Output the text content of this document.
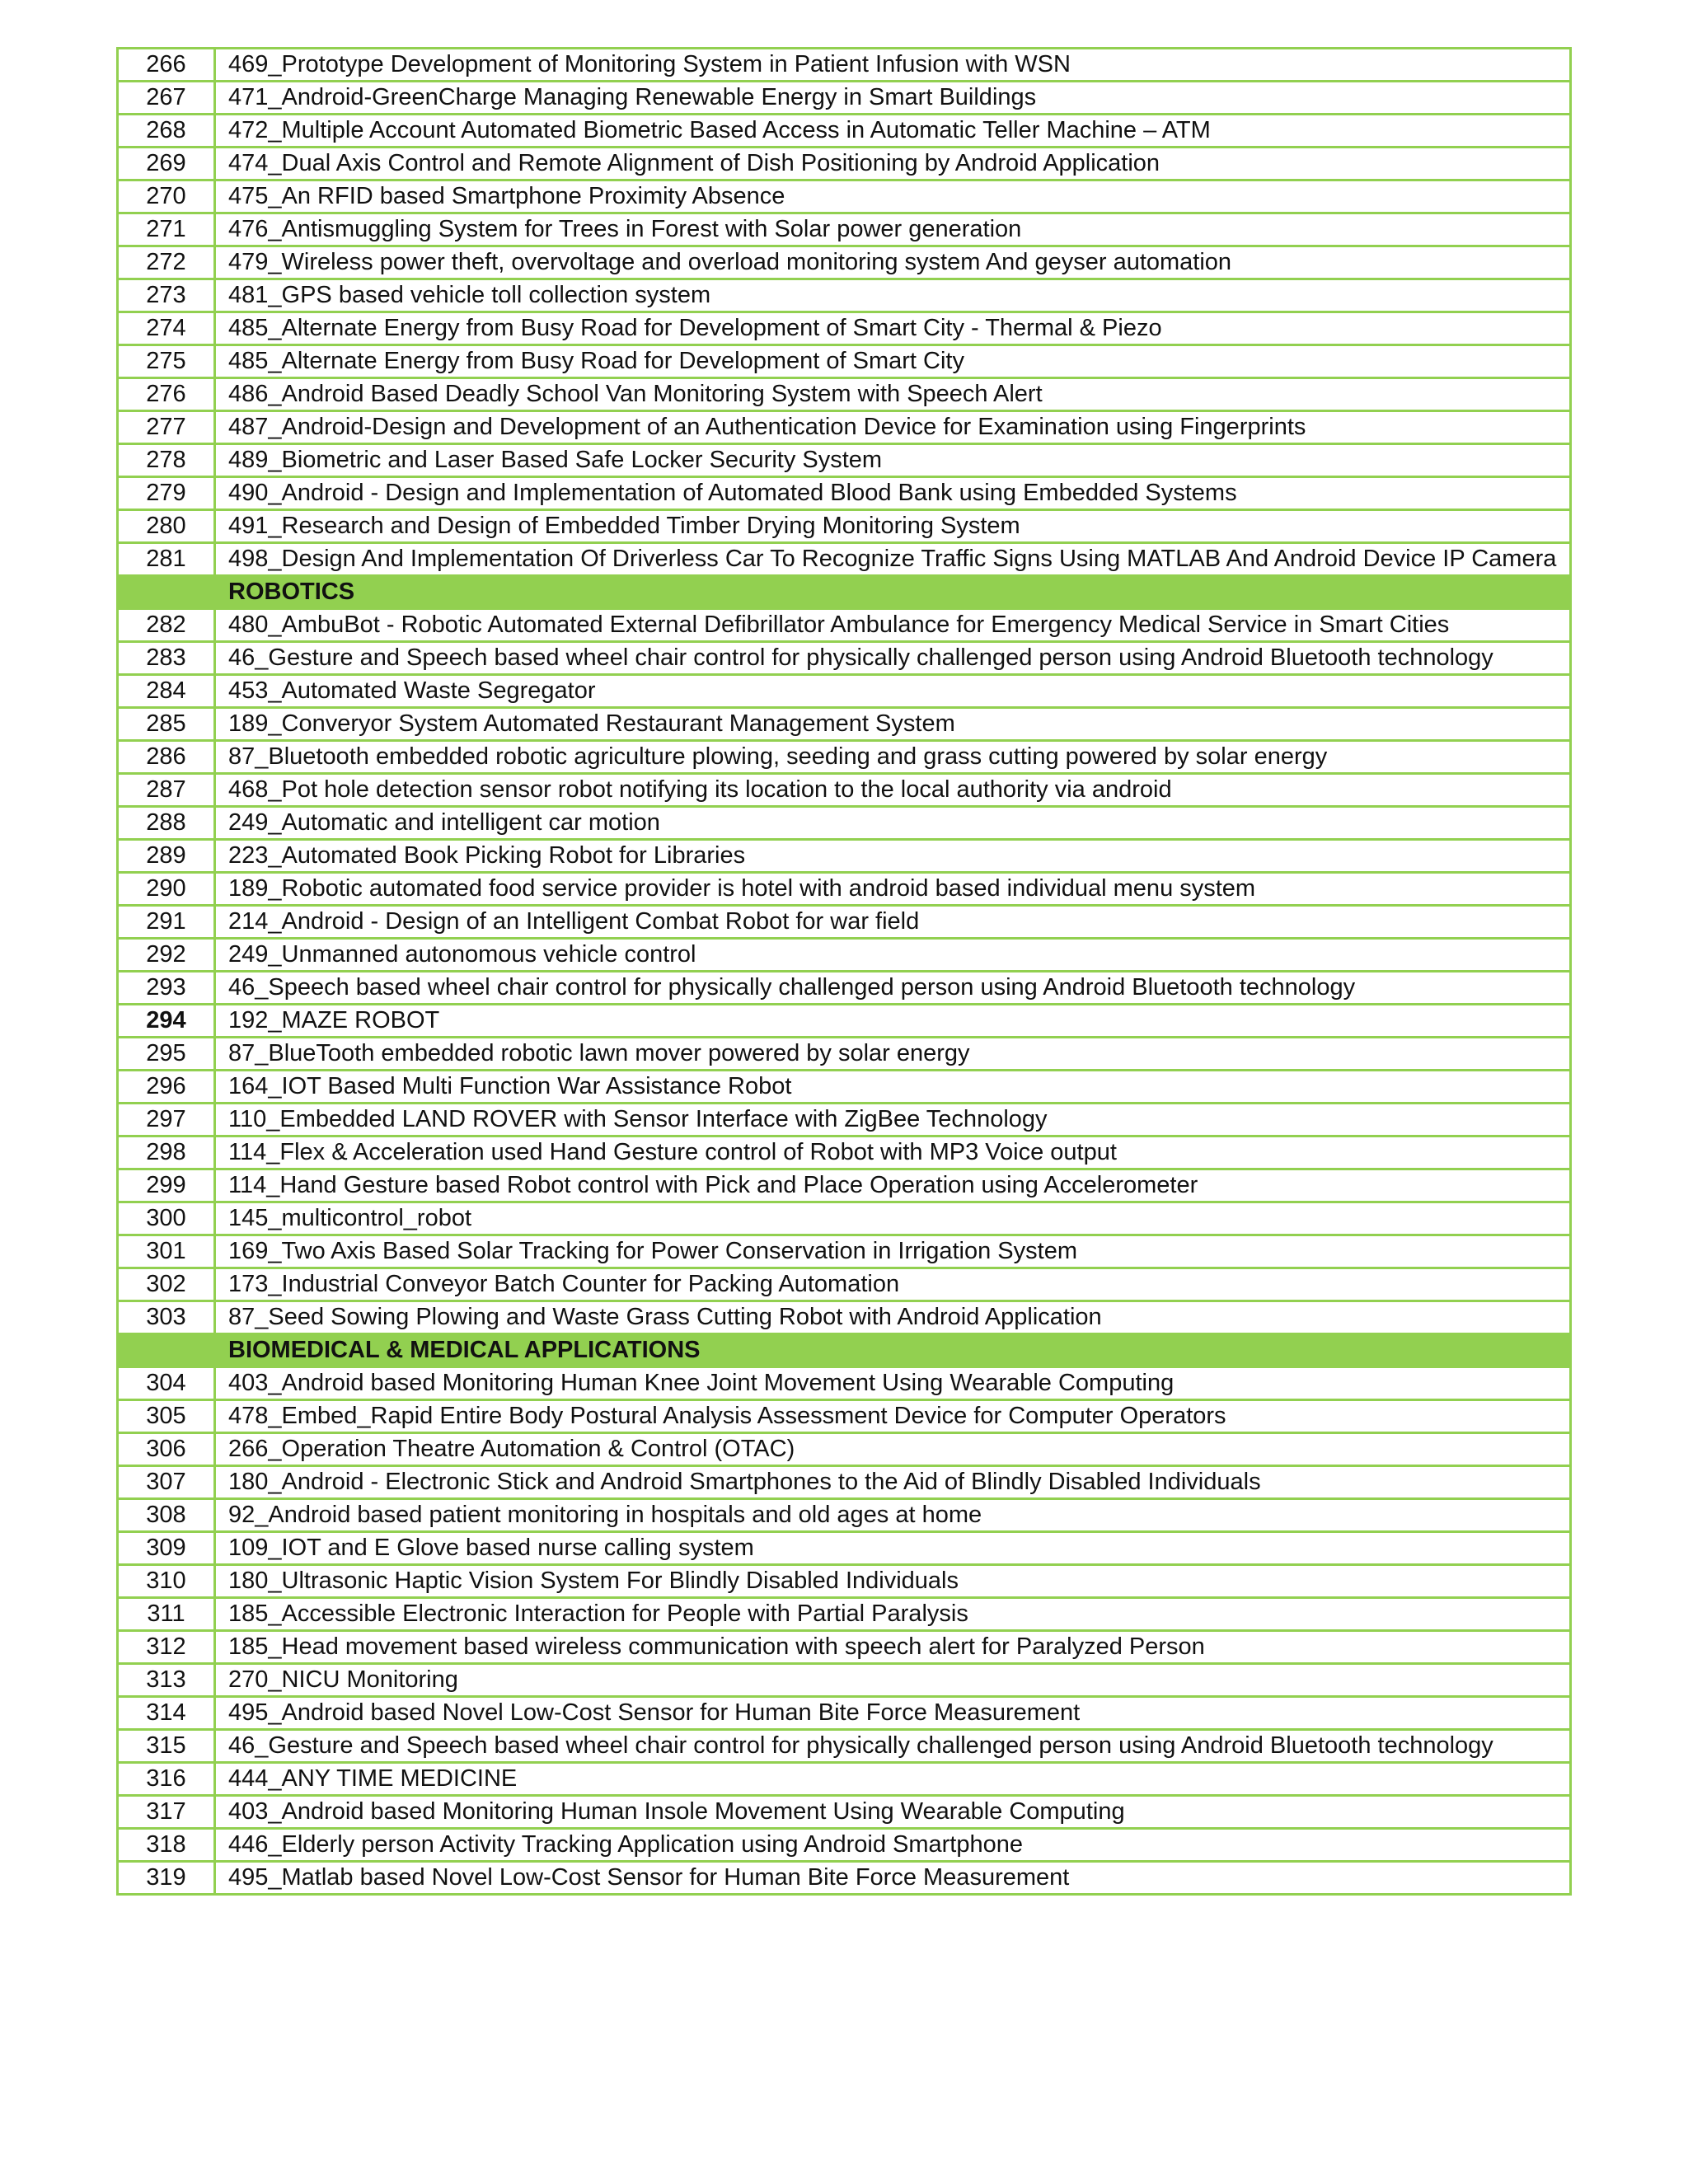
266	469_Prototype Development of Monitoring System in Patient Infusion with WSN
267	471_Android-GreenCharge Managing Renewable Energy in Smart Buildings
268	472_Multiple Account Automated Biometric Based Access in Automatic Teller Machine – ATM
269	474_Dual Axis Control and Remote Alignment of Dish Positioning by Android Application
270	475_An RFID based Smartphone Proximity Absence
271	476_Antismuggling System for Trees in Forest with Solar power generation
272	479_Wireless power theft, overvoltage and overload monitoring system And geyser automation
273	481_GPS based vehicle toll collection system
274	485_Alternate Energy from Busy Road for Development of Smart City - Thermal & Piezo
275	485_Alternate Energy from Busy Road for Development of Smart City
276	486_Android Based Deadly School Van Monitoring System with Speech Alert
277	487_Android-Design and Development of an Authentication Device for Examination using Fingerprints
278	489_Biometric and Laser Based Safe Locker Security System
279	490_Android - Design and Implementation of Automated Blood Bank using Embedded Systems
280	491_Research and Design of Embedded Timber Drying Monitoring System
281	498_Design And Implementation Of Driverless Car To Recognize Traffic Signs Using MATLAB And Android Device IP Camera
	ROBOTICS
282	480_AmbuBot - Robotic Automated External Defibrillator Ambulance for Emergency Medical Service in Smart Cities
283	46_Gesture and Speech based wheel chair control for physically challenged person using Android Bluetooth technology
284	453_Automated Waste Segregator
285	189_Converyor System Automated Restaurant Management System
286	87_Bluetooth embedded robotic agriculture plowing, seeding and grass cutting powered by solar energy
287	468_Pot hole detection sensor robot notifying its location to the local authority via android
288	249_Automatic and intelligent car motion
289	223_Automated Book Picking Robot for Libraries
290	189_Robotic automated food service provider is hotel with android based individual menu system
291	214_Android - Design of an Intelligent Combat Robot for war field
292	249_Unmanned autonomous vehicle control
293	46_Speech based wheel chair control for physically challenged person using Android Bluetooth technology
294	192_MAZE ROBOT
295	87_BlueTooth embedded robotic lawn mover powered by solar energy
296	164_IOT Based Multi Function War Assistance Robot
297	110_Embedded LAND ROVER with Sensor Interface with ZigBee Technology
298	114_Flex & Acceleration used Hand Gesture control of Robot with MP3 Voice output
299	114_Hand Gesture based Robot control with Pick and Place Operation using Accelerometer
300	145_multicontrol_robot
301	169_Two Axis Based Solar Tracking for Power Conservation in Irrigation System
302	173_Industrial Conveyor Batch Counter for Packing Automation
303	87_Seed Sowing Plowing and Waste Grass Cutting Robot with Android Application
	BIOMEDICAL & MEDICAL APPLICATIONS
304	403_Android based Monitoring Human Knee Joint Movement Using Wearable Computing
305	478_Embed_Rapid Entire Body Postural Analysis Assessment Device for Computer Operators
306	266_Operation Theatre Automation & Control (OTAC)
307	180_Android - Electronic Stick and Android Smartphones to the Aid of Blindly Disabled Individuals
308	92_Android based patient monitoring in hospitals and old ages at home
309	109_IOT and E Glove based nurse calling system
310	180_Ultrasonic Haptic Vision System For Blindly Disabled Individuals
311	185_Accessible Electronic Interaction for People with Partial Paralysis
312	185_Head movement based wireless communication with speech alert for Paralyzed Person
313	270_NICU Monitoring
314	495_Android based Novel Low-Cost Sensor for Human Bite Force Measurement
315	46_Gesture and Speech based wheel chair control for physically challenged person using Android Bluetooth technology
316	444_ANY TIME MEDICINE
317	403_Android based Monitoring Human Insole Movement Using Wearable Computing
318	446_Elderly person Activity Tracking Application using Android Smartphone
319	495_Matlab based Novel Low-Cost Sensor for Human Bite Force Measurement
